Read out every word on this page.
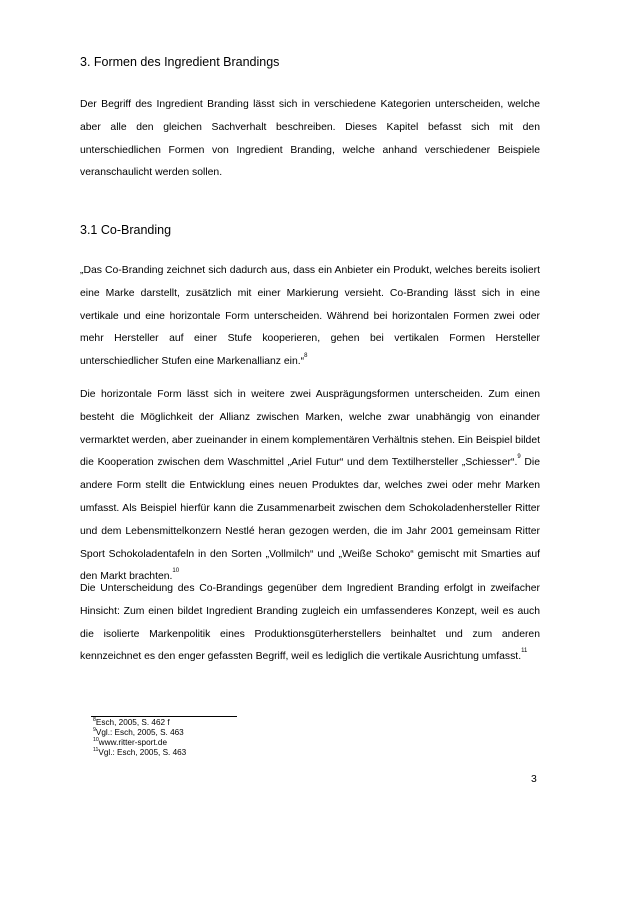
3. Formen des Ingredient Brandings

Der Begriff des Ingredient Branding lässt sich in verschiedene Kategorien unterscheiden, welche aber alle den gleichen Sachverhalt beschreiben. Dieses Kapitel befasst sich mit den unterschiedlichen Formen von Ingredient Branding, welche anhand verschiedener Beispiele veranschaulicht werden sollen.

3.1 Co-Branding

„Das Co-Branding zeichnet sich dadurch aus, dass ein Anbieter ein Produkt, welches bereits isoliert eine Marke darstellt, zusätzlich mit einer Markierung versieht. Co-Branding lässt sich in eine vertikale und eine horizontale Form unterscheiden. Während bei horizontalen Formen zwei oder mehr Hersteller auf einer Stufe kooperieren, gehen bei vertikalen Formen Hersteller unterschiedlicher Stufen eine Markenallianz ein.“$^8$

Die horizontale Form lässt sich in weitere zwei Ausprägungsformen unterscheiden. Zum einen besteht die Möglichkeit der Allianz zwischen Marken, welche zwar unabhängig von einander vermarktet werden, aber zueinander in einem komplementären Verhältnis stehen. Ein Beispiel bildet die Kooperation zwischen dem Waschmittel „Ariel Futur“ und dem Textilhersteller „Schiesser“.$^9$ Die andere Form stellt die Entwicklung eines neuen Produktes dar, welches zwei oder mehr Marken umfasst. Als Beispiel hierfür kann die Zusammenarbeit zwischen dem Schokoladenhersteller Ritter und dem Lebensmittelkonzern Nestlé heran gezogen werden, die im Jahr 2001 gemeinsam Ritter Sport Schokoladentafeln in den Sorten „Vollmilch“ und „Weiße Schoko“ gemischt mit Smarties auf den Markt brachten.$^{10}$

Die Unterscheidung des Co-Brandings gegenüber dem Ingredient Branding erfolgt in zweifacher Hinsicht: Zum einen bildet Ingredient Branding zugleich ein umfassenderes Konzept, weil es auch die isolierte Markenpolitik eines Produktionsgüterherstellers beinhaltet und zum anderen kennzeichnet es den enger gefassten Begriff, weil es lediglich die vertikale Ausrichtung umfasst.$^{11}$

$^8$Esch, 2005, S. 462 f
$^9$Vgl.: Esch, 2005, S. 463
$^{10}$www.ritter-sport.de
$^{11}$Vgl.: Esch, 2005, S. 463
3
